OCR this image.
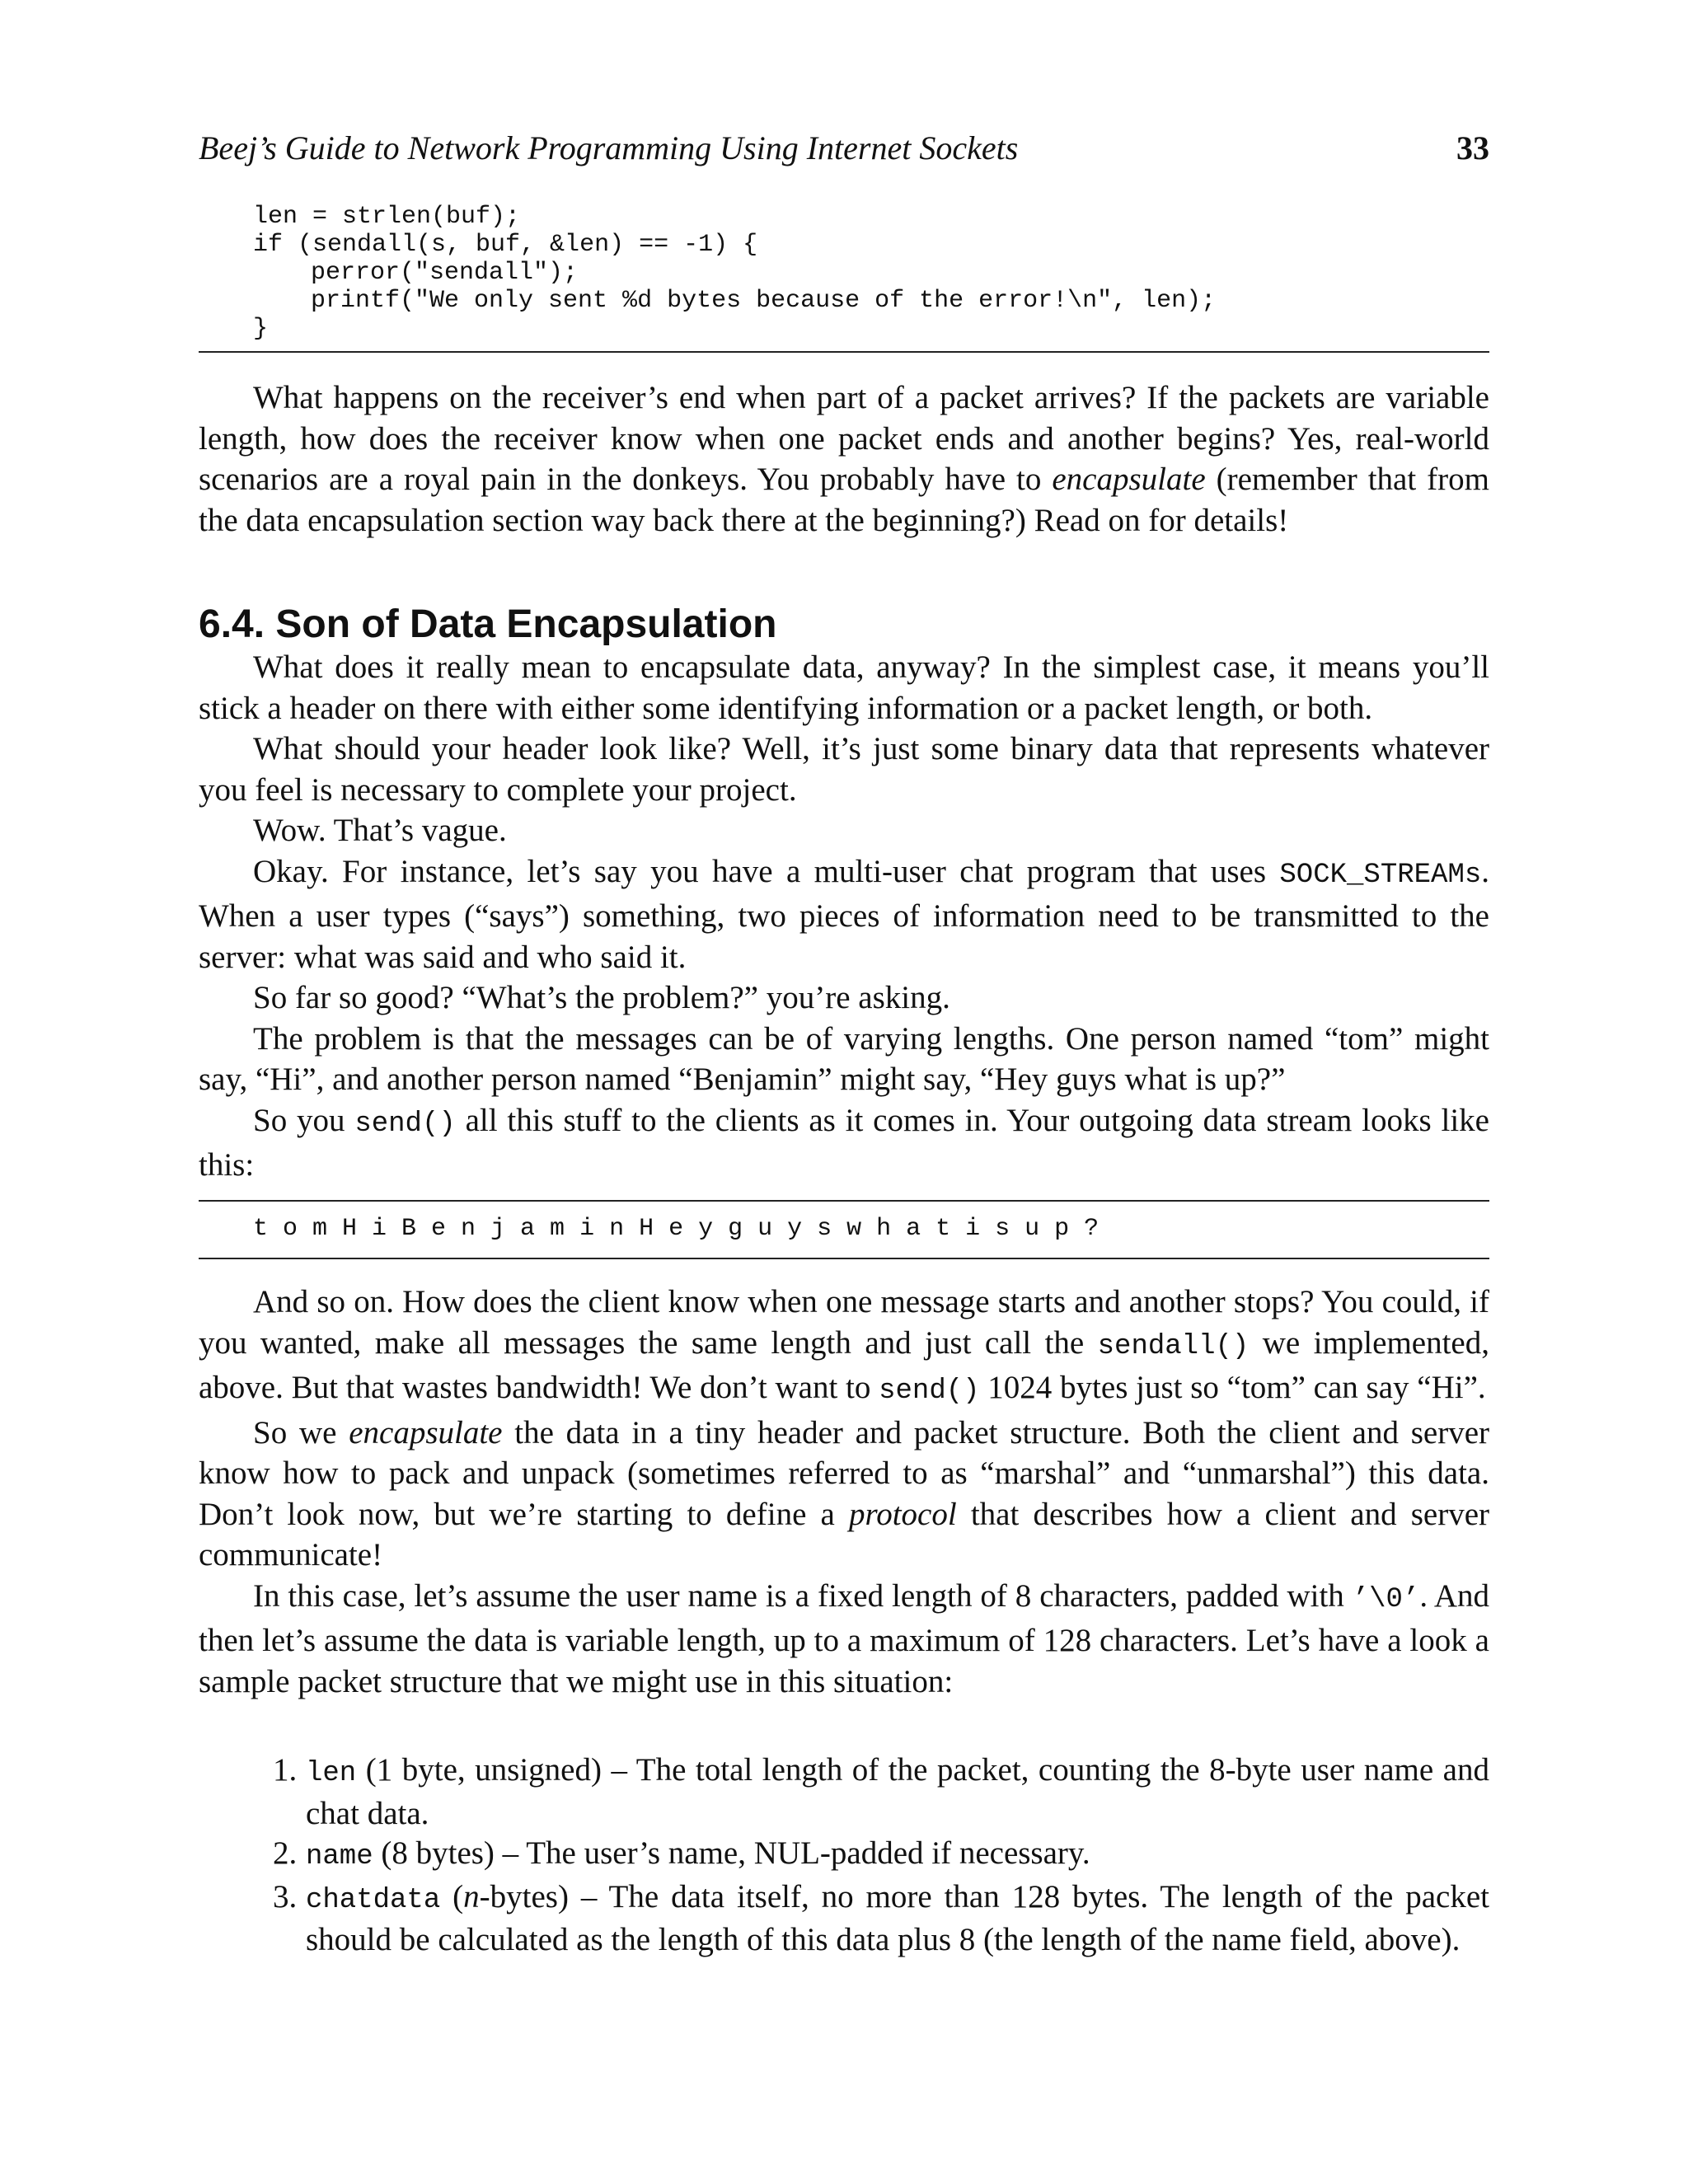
Beej’s Guide to Network Programming Using Internet Sockets	33
len = strlen(buf);
if (sendall(s, buf, &len) == -1) {
perror("sendall");
printf("We only sent %d bytes because of the error!\n", len);
}

What happens on the receiver’s end when part of a packet arrives? If the packets are variable length, how does the receiver know when one packet ends and another begins? Yes, real-world scenarios are a royal pain in the donkeys. You probably have to encapsulate (remember that from the data encapsulation section way back there at the beginning?) Read on for details!

6.4. Son of Data Encapsulation

What does it really mean to encapsulate data, anyway? In the simplest case, it means you’ll stick a header on there with either some identifying information or a packet length, or both.

What should your header look like? Well, it’s just some binary data that represents whatever you feel is necessary to complete your project.

Wow. That’s vague.

Okay. For instance, let’s say you have a multi-user chat program that uses SOCK_STREAMs. When a user types (“says”) something, two pieces of information need to be transmitted to the server: what was said and who said it.

So far so good? “What’s the problem?” you’re asking.

The problem is that the messages can be of varying lengths. One person named “tom” might say, “Hi”, and another person named “Benjamin” might say, “Hey guys what is up?”

So you send() all this stuff to the clients as it comes in. Your outgoing data stream looks like this:

t o m H i B e n j a m i n H e y g u y s w h a t i s u p ?

And so on. How does the client know when one message starts and another stops? You could, if you wanted, make all messages the same length and just call the sendall() we implemented, above. But that wastes bandwidth! We don’t want to send() 1024 bytes just so “tom” can say “Hi”.

So we encapsulate the data in a tiny header and packet structure. Both the client and server know how to pack and unpack (sometimes referred to as “marshal” and “unmarshal”) this data. Don’t look now, but we’re starting to define a protocol that describes how a client and server communicate!

In this case, let’s assume the user name is a fixed length of 8 characters, padded with ’\0’. And then let’s assume the data is variable length, up to a maximum of 128 characters. Let’s have a look a sample packet structure that we might use in this situation:

1. len (1 byte, unsigned) – The total length of the packet, counting the 8-byte user name and chat data.
2. name (8 bytes) – The user’s name, NUL-padded if necessary.
3. chatdata (n-bytes) – The data itself, no more than 128 bytes. The length of the packet should be calculated as the length of this data plus 8 (the length of the name field, above).
